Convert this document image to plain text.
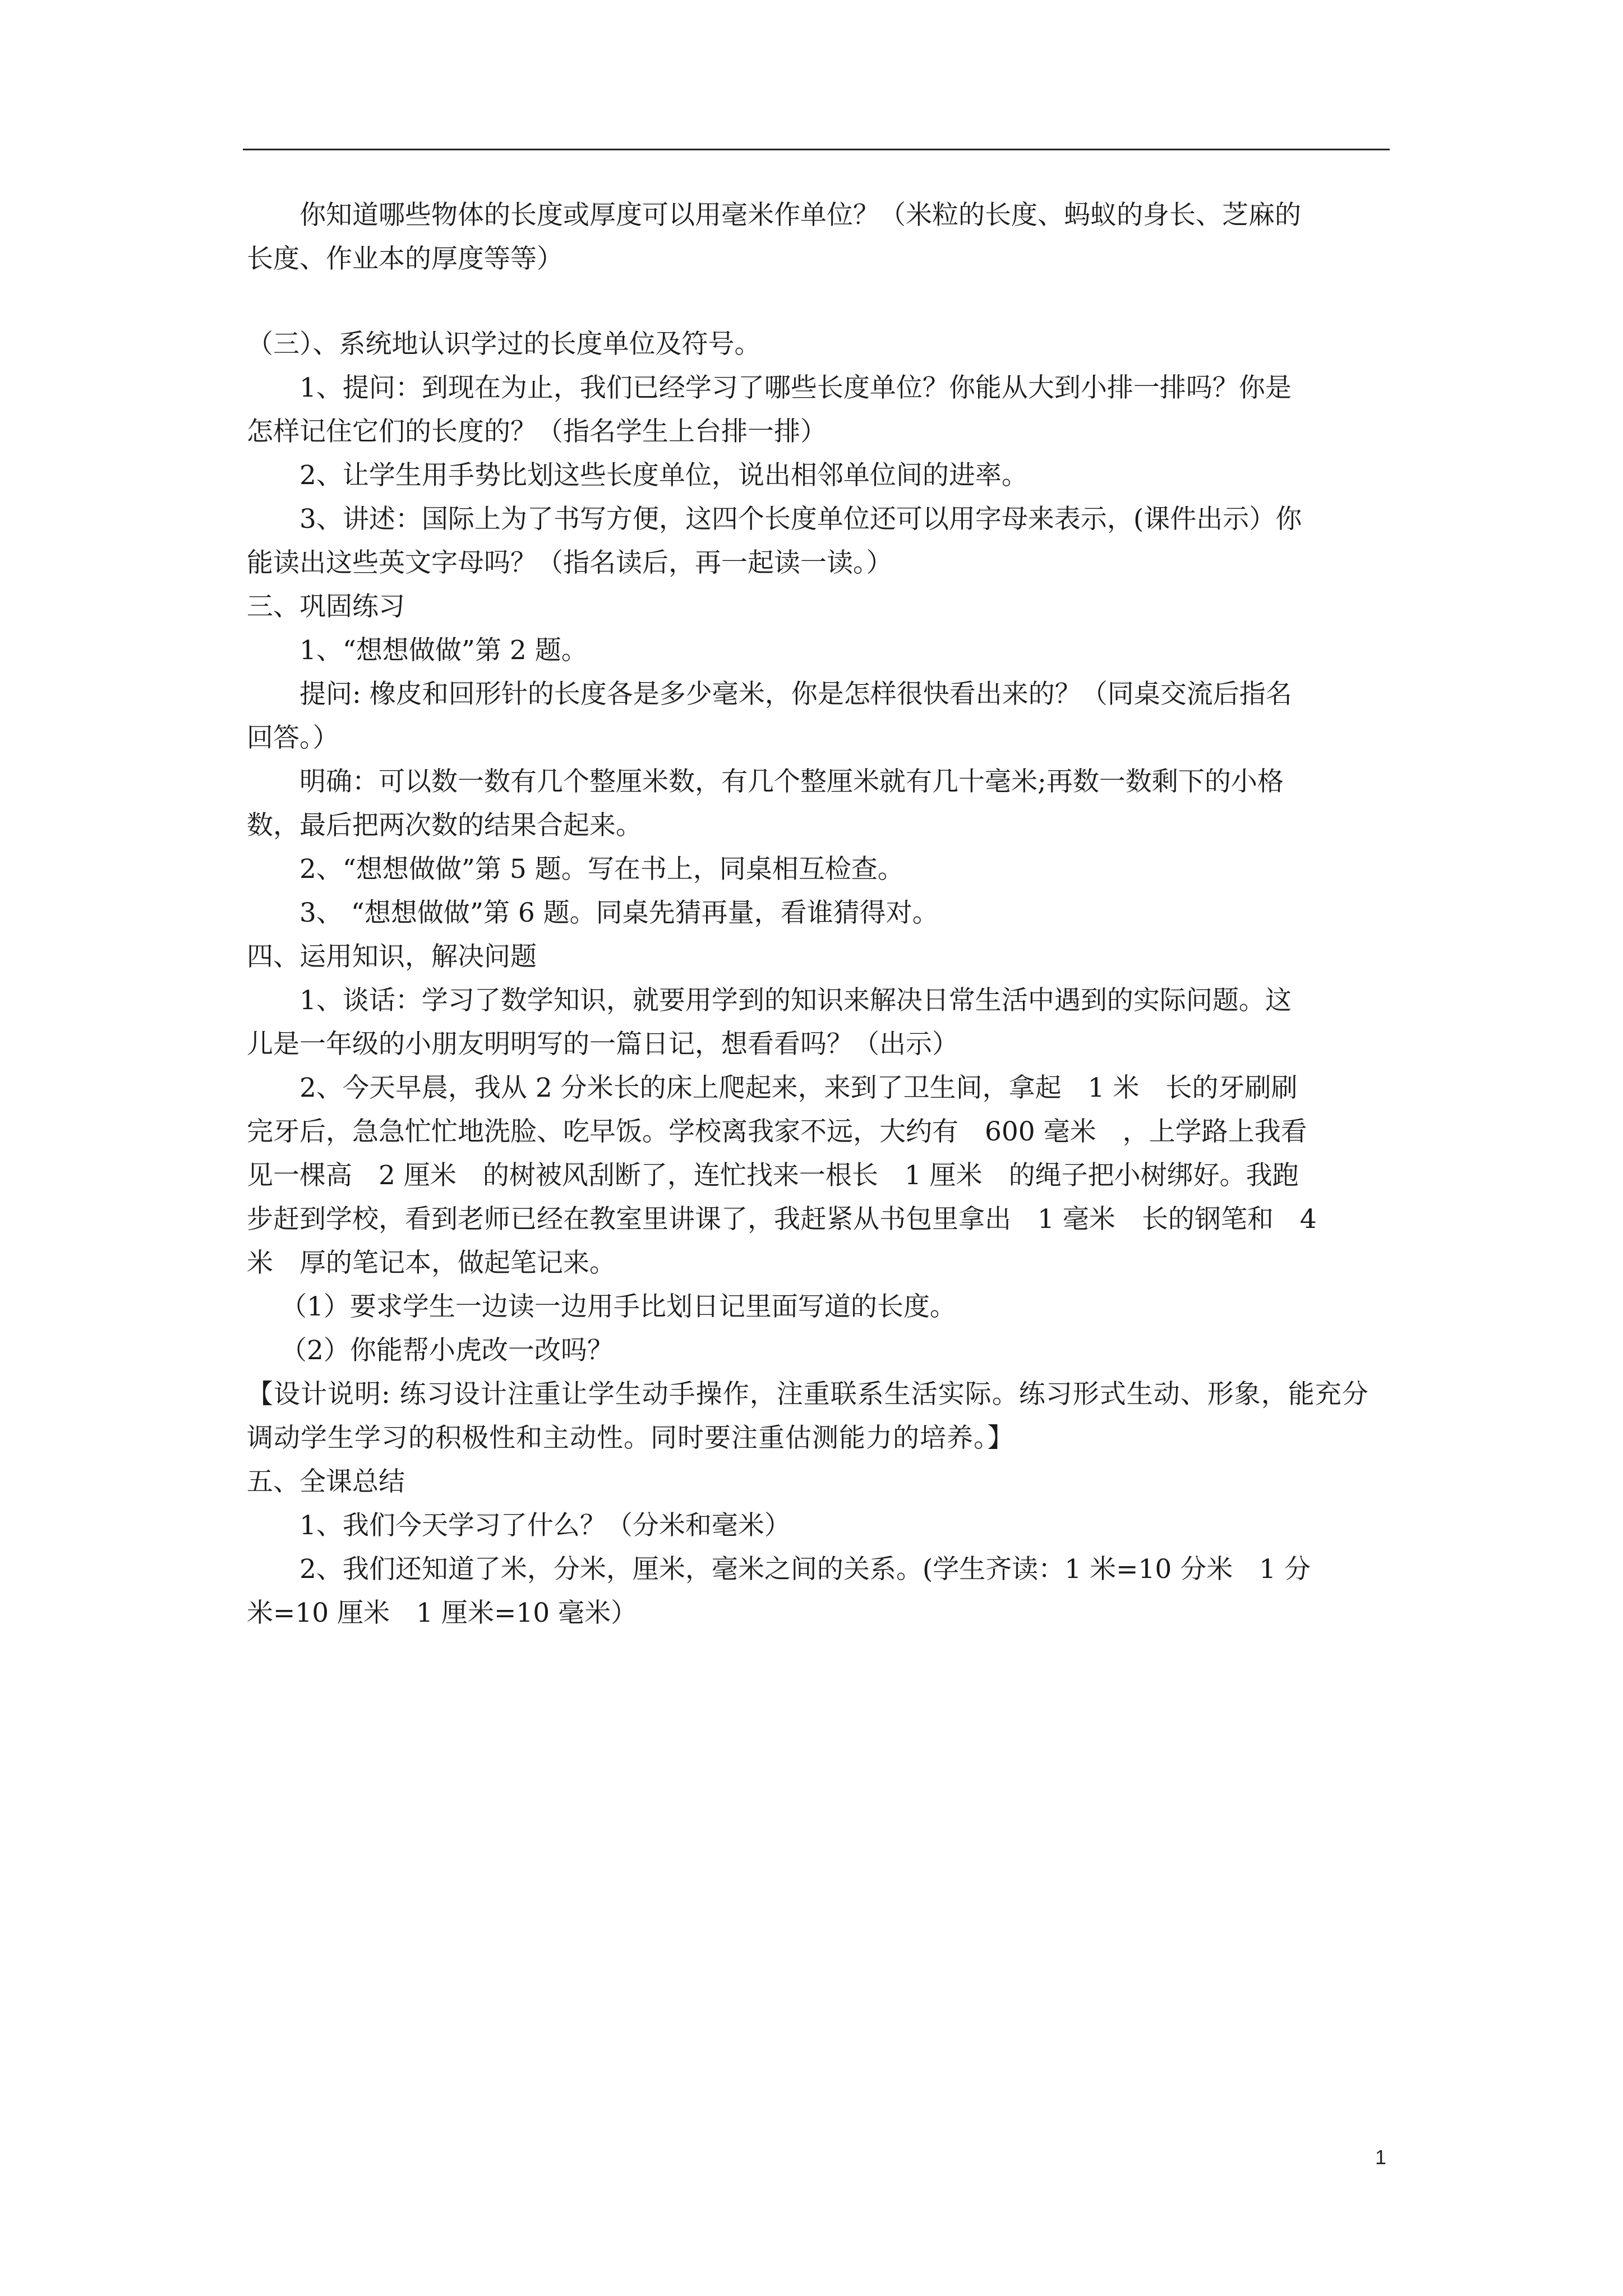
你知道哪些物体的长度或厚度可以用毫米作单位？（米粒的长度、蚂蚁的身长、芝麻的
长度、作业本的厚度等等）
（三）、系统地认识学过的长度单位及符号。
1、提问：到现在为止，我们已经学习了哪些长度单位？你能从大到小排一排吗？你是
怎样记住它们的长度的？（指名学生上台排一排）
2、让学生用手势比划这些长度单位，说出相邻单位间的进率。
3、讲述：国际上为了书写方便，这四个长度单位还可以用字母来表示，(课件出示）你
能读出这些英文字母吗？（指名读后，再一起读一读。）
三、巩固练习
1、“想想做做”第 2 题。
提问: 橡皮和回形针的长度各是多少毫米，你是怎样很快看出来的？（同桌交流后指名
回答。）
明确：可以数一数有几个整厘米数，有几个整厘米就有几十毫米;再数一数剩下的小格
数，最后把两次数的结果合起来。
2、“想想做做”第 5 题。写在书上，同桌相互检查。
3、 “想想做做”第 6 题。同桌先猜再量，看谁猜得对。
四、运用知识，解决问题
1、谈话：学习了数学知识，就要用学到的知识来解决日常生活中遇到的实际问题。这
儿是一年级的小朋友明明写的一篇日记，想看看吗？（出示）
2、今天早晨，我从 2 分米长的床上爬起来，来到了卫生间，拿起　1 米　长的牙刷刷
完牙后，急急忙忙地洗脸、吃早饭。学校离我家不远，大约有　600 毫米　，上学路上我看
见一棵高　2 厘米　的树被风刮断了，连忙找来一根长　1 厘米　的绳子把小树绑好。我跑
步赶到学校，看到老师已经在教室里讲课了，我赶紧从书包里拿出　1 毫米　长的钢笔和　4
米　厚的笔记本，做起笔记来。
（1）要求学生一边读一边用手比划日记里面写道的长度。
（2）你能帮小虎改一改吗？
【设计说明: 练习设计注重让学生动手操作，注重联系生活实际。练习形式生动、形象，能充分调动学生学习的积极性和主动性。同时要注重估测能力的培养。】
五、全课总结
1、我们今天学习了什么？（分米和毫米）
2、我们还知道了米，分米，厘米，毫米之间的关系。(学生齐读：1 米=10 分米　1 分
米=10 厘米　1 厘米=10 毫米）
1
